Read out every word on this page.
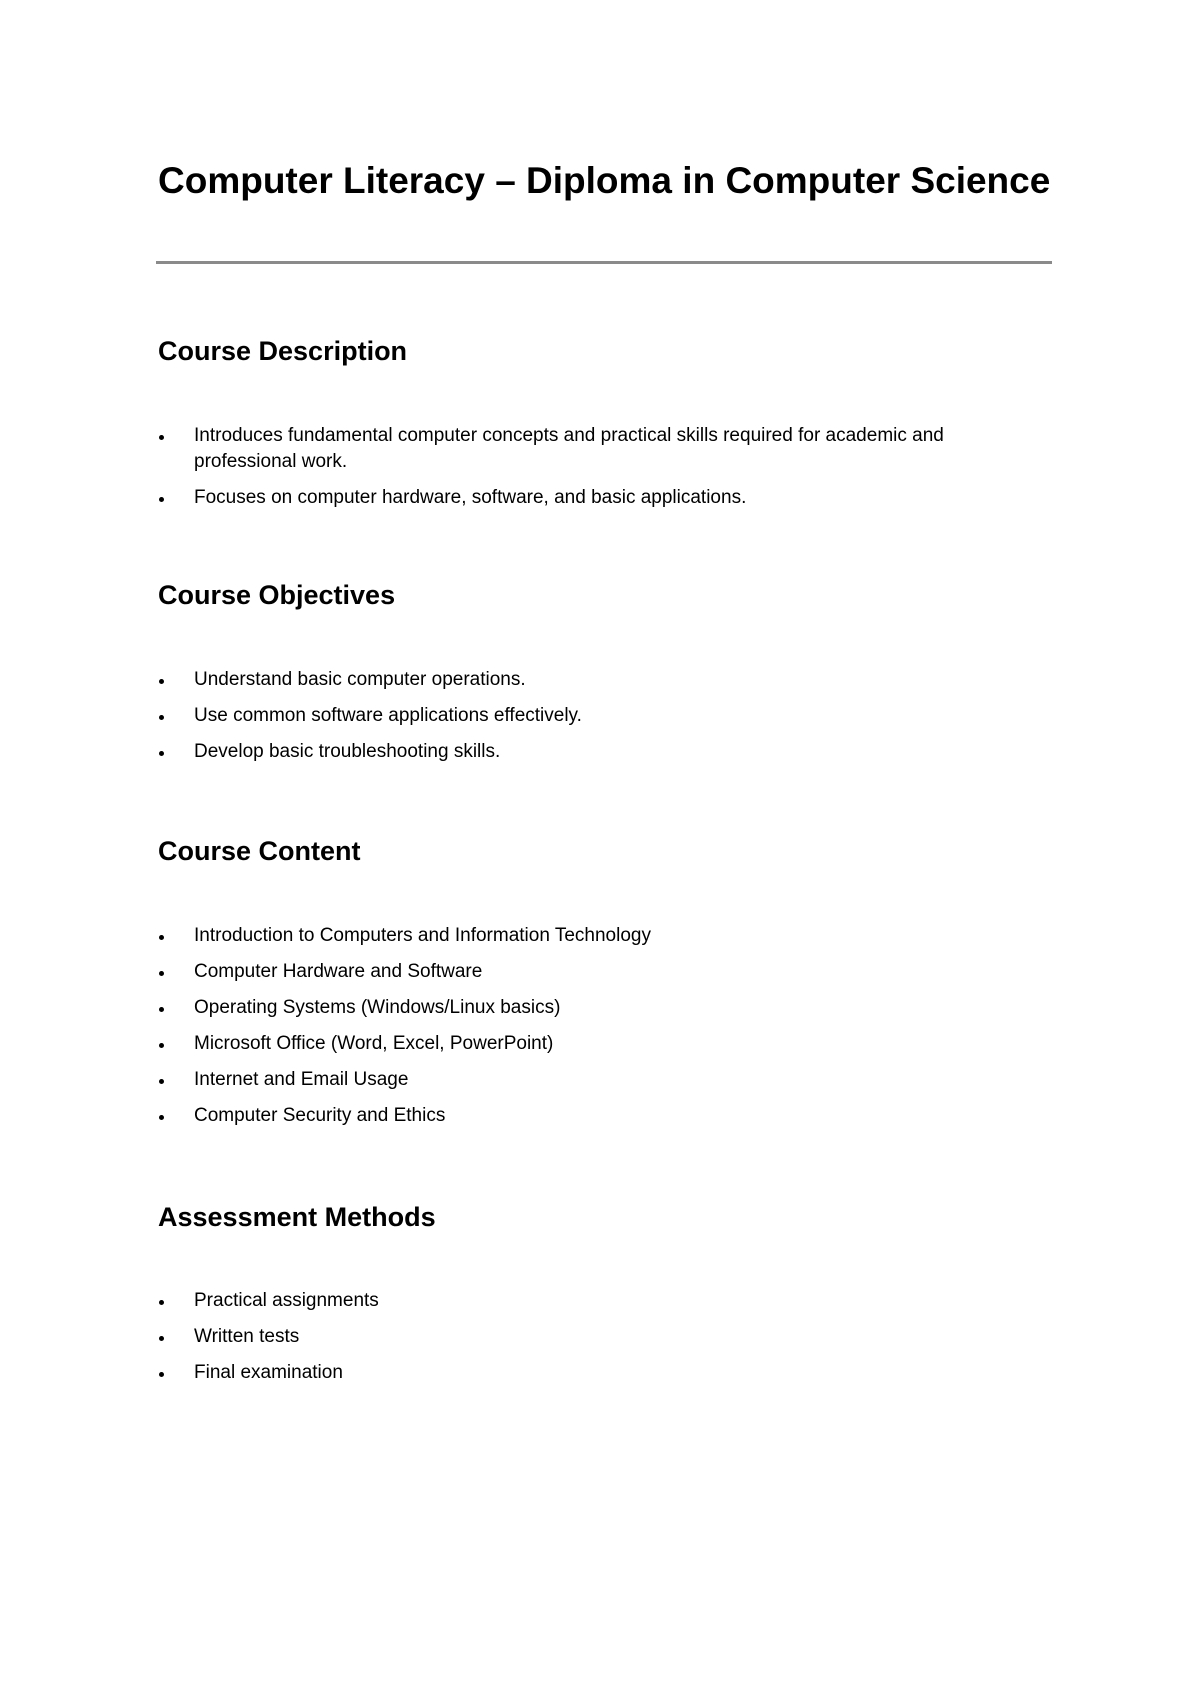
Computer Literacy – Diploma in Computer Science
Course Description
Introduces fundamental computer concepts and practical skills required for academic and professional work.
Focuses on computer hardware, software, and basic applications.
Course Objectives
Understand basic computer operations.
Use common software applications effectively.
Develop basic troubleshooting skills.
Course Content
Introduction to Computers and Information Technology
Computer Hardware and Software
Operating Systems (Windows/Linux basics)
Microsoft Office (Word, Excel, PowerPoint)
Internet and Email Usage
Computer Security and Ethics
Assessment Methods
Practical assignments
Written tests
Final examination
